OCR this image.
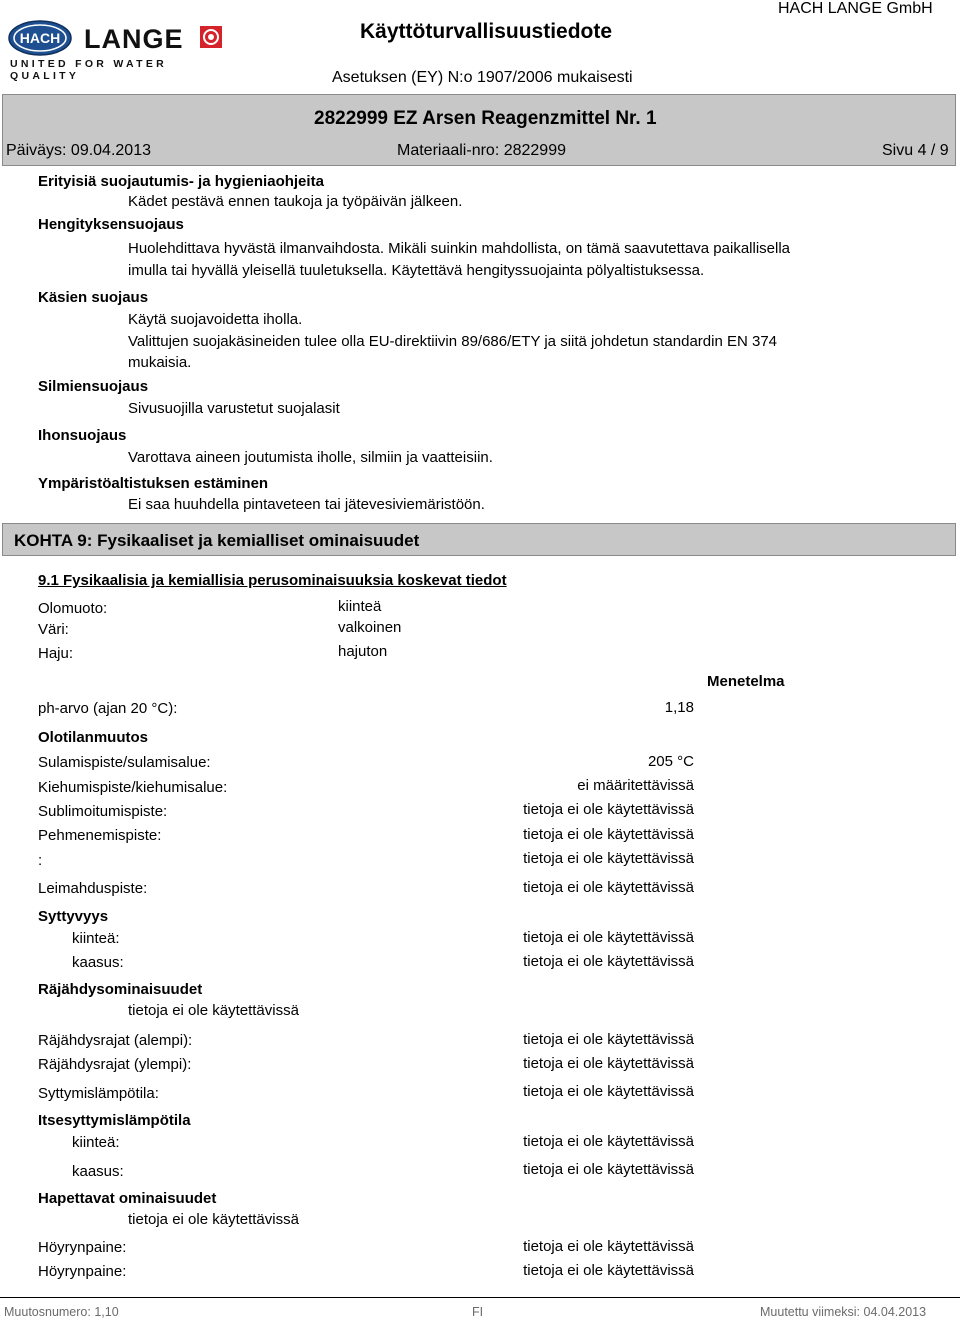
HACH LANGE
UNITED FOR WATER QUALITY
Käyttöturvallisuustiedote
HACH LANGE GmbH
Asetuksen (EY) N:o 1907/2006 mukaisesti
2822999 EZ Arsen Reagenzmittel Nr. 1
Päiväys: 09.04.2013	Materiaali-nro: 2822999	Sivu 4 / 9
Erityisiä suojautumis- ja hygieniaohjeita
Kädet pestävä ennen taukoja ja työpäivän jälkeen.
Hengityksensuojaus
Huolehdittava hyvästä ilmanvaihdosta. Mikäli suinkin mahdollista, on tämä saavutettava paikallisella
imulla tai hyvällä yleisellä tuuletuksella. Käytettävä hengityssuojainta pölyaltistuksessa.
Käsien suojaus
Käytä suojavoidetta iholla.
Valittujen suojakäsineiden tulee olla EU-direktiivin 89/686/ETY ja siitä johdetun standardin EN 374
mukaisia.
Silmiensuojaus
Sivusuojilla varustetut suojalasit
Ihonsuojaus
Varottava aineen joutumista iholle, silmiin ja vaatteisiin.
Ympäristöaltistuksen estäminen
Ei saa huuhdella pintaveteen tai jätevesiviemäristöön.
KOHTA 9: Fysikaaliset ja kemialliset ominaisuudet
9.1 Fysikaalisia ja kemiallisia perusominaisuuksia koskevat tiedot
Olomuoto:	kiinteä
Väri:	valkoinen
Haju:	hajuton
Menetelma
ph-arvo (ajan 20 °C):	1,18
Olotilanmuutos
Sulamispiste/sulamisalue:	205 °C
Kiehumispiste/kiehumisalue:	ei määritettävissä
Sublimoitumispiste:	tietoja ei ole käytettävissä
Pehmenemispiste:	tietoja ei ole käytettävissä
:	tietoja ei ole käytettävissä
Leimahduspiste:	tietoja ei ole käytettävissä
Syttyvyys
kiinteä:	tietoja ei ole käytettävissä
kaasus:	tietoja ei ole käytettävissä
Räjähdysominaisuudet
tietoja ei ole käytettävissä
Räjähdysrajat (alempi):	tietoja ei ole käytettävissä
Räjähdysrajat (ylempi):	tietoja ei ole käytettävissä
Syttymislämpötila:	tietoja ei ole käytettävissä
Itsesyttymislämpötila
kiinteä:	tietoja ei ole käytettävissä
kaasus:	tietoja ei ole käytettävissä
Hapettavat ominaisuudet
tietoja ei ole käytettävissä
Höyrynpaine:	tietoja ei ole käytettävissä
Höyrynpaine:	tietoja ei ole käytettävissä
Muutosnumero: 1,10	FI	Muutettu viimeksi: 04.04.2013
